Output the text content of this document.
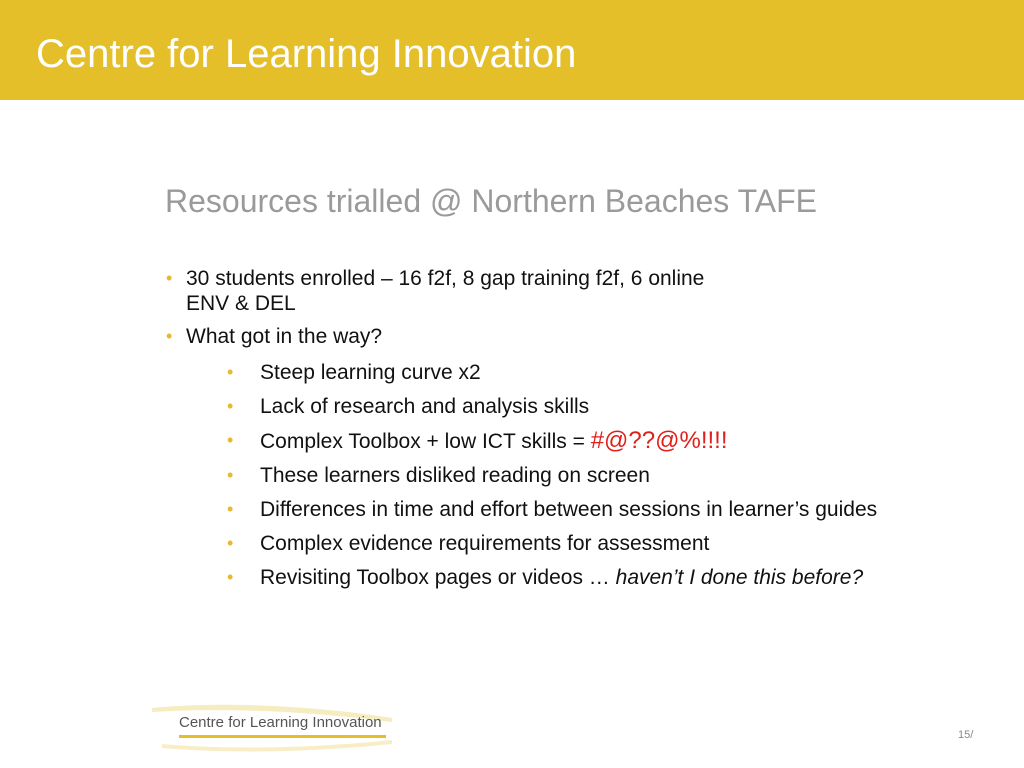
Centre for Learning Innovation
Resources trialled @ Northern Beaches TAFE
• 30 students enrolled – 16 f2f, 8 gap training f2f, 6 online
ENV & DEL
• What got in the way?
• Steep learning curve x2
• Lack of research and analysis skills
• Complex Toolbox + low ICT skills = #@??@%!!!!
• These learners disliked reading on screen
• Differences in time and effort between sessions in learner’s guides
• Complex evidence requirements for assessment
• Revisiting Toolbox pages or videos … haven’t I done this before?
Centre for Learning Innovation
15/
